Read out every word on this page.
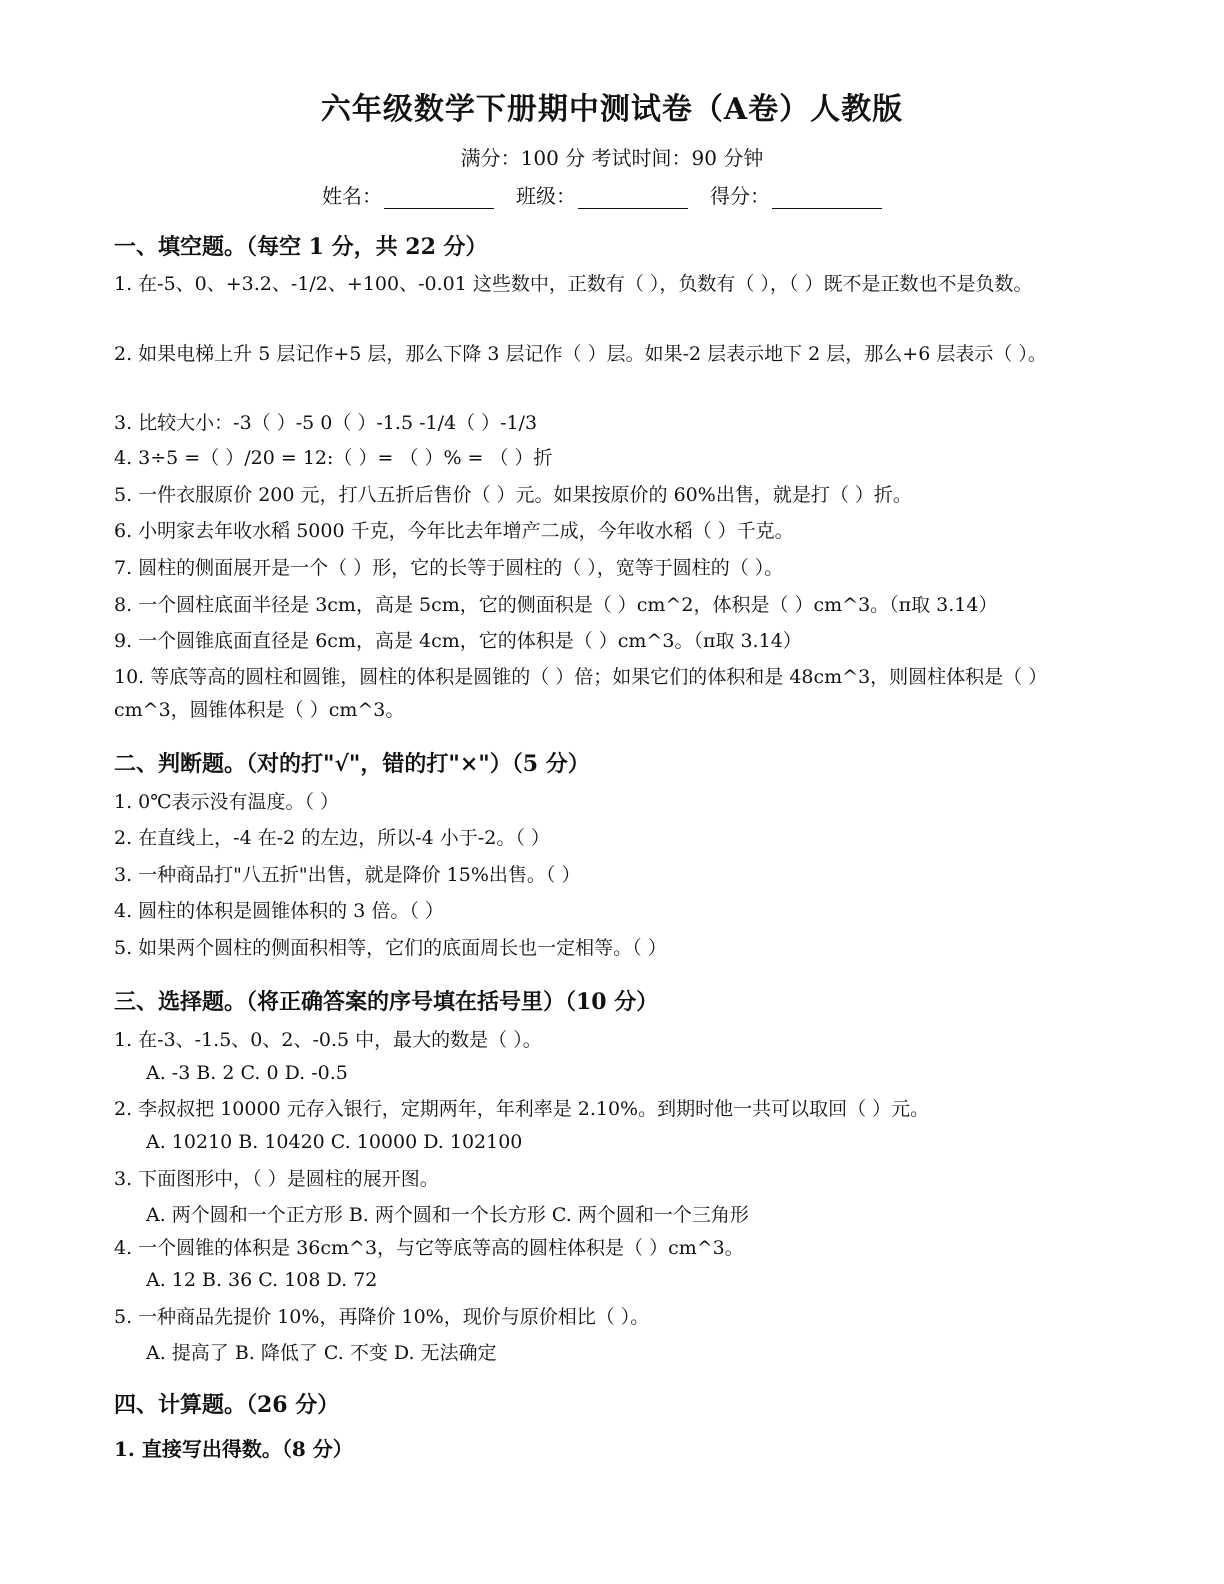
六年级数学下册期中测试卷（A卷）人教版
满分：100 分 考试时间：90 分钟
姓名：	班级：	得分：
一、填空题。（每空 1 分，共 22 分）
1. 在-5、0、+3.2、-1/2、+100、-0.01 这些数中，正数有（ ），负数有（ ），（ ）既不是正数也不是负数。
2. 如果电梯上升 5 层记作+5 层，那么下降 3 层记作（ ）层。如果-2 层表示地下 2 层，那么+6 层表示（ ）。
3. 比较大小：-3（ ）-5 0（ ）-1.5 -1/4（ ）-1/3
4. 3÷5 =（ ）/20 = 12:（ ）= （ ）% = （ ）折
5. 一件衣服原价 200 元，打八五折后售价（ ）元。如果按原价的 60%出售，就是打（ ）折。
6. 小明家去年收水稻 5000 千克，今年比去年增产二成，今年收水稻（ ）千克。
7. 圆柱的侧面展开是一个（ ）形，它的长等于圆柱的（ ），宽等于圆柱的（ ）。
8. 一个圆柱底面半径是 3cm，高是 5cm，它的侧面积是（ ）cm^2，体积是（ ）cm^3。（π取 3.14）
9. 一个圆锥底面直径是 6cm，高是 4cm，它的体积是（ ）cm^3。（π取 3.14）
10. 等底等高的圆柱和圆锥，圆柱的体积是圆锥的（ ）倍；如果它们的体积和是 48cm^3，则圆柱体积是（ ）cm^3，圆锥体积是（ ）cm^3。
二、判断题。（对的打"√"，错的打"×"）（5 分）
1. 0℃表示没有温度。（ ）
2. 在直线上，-4 在-2 的左边，所以-4 小于-2。（ ）
3. 一种商品打"八五折"出售，就是降价 15%出售。（ ）
4. 圆柱的体积是圆锥体积的 3 倍。（ ）
5. 如果两个圆柱的侧面积相等，它们的底面周长也一定相等。（ ）
三、选择题。（将正确答案的序号填在括号里）（10 分）
1. 在-3、-1.5、0、2、-0.5 中，最大的数是（ ）。
A. -3 B. 2 C. 0 D. -0.5
2. 李叔叔把 10000 元存入银行，定期两年，年利率是 2.10%。到期时他一共可以取回（ ）元。
A. 10210 B. 10420 C. 10000 D. 102100
3. 下面图形中，（ ）是圆柱的展开图。
A. 两个圆和一个正方形 B. 两个圆和一个长方形 C. 两个圆和一个三角形
4. 一个圆锥的体积是 36cm^3，与它等底等高的圆柱体积是（ ）cm^3。
A. 12 B. 36 C. 108 D. 72
5. 一种商品先提价 10%，再降价 10%，现价与原价相比（ ）。
A. 提高了 B. 降低了 C. 不变 D. 无法确定
四、计算题。（26 分）
1. 直接写出得数。（8 分）
